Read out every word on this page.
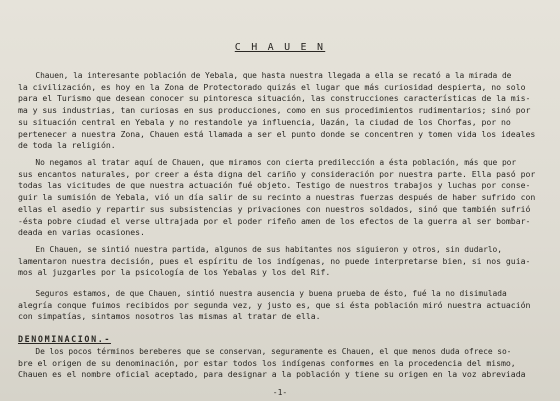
C H A U E N
Chauen, la interesante población de Yebala, que hasta nuestra llegada a ella se recató a la mirada de
la civilización, es hoy en la Zona de Protectorado quizás el lugar que más curiosidad despierta, no solo
para el Turismo que desean conocer su pintoresca situación, las construcciones características de la mis-
ma y sus industrias, tan curiosas en sus producciones, como en sus procedimientos rudimentarios; sinó por
su situación central en Yebala y no restandole ya influencia, Uazán, la ciudad de los Chorfas, por no
pertenecer a nuestra Zona, Chauen está llamada a ser el punto donde se concentren y tomen vida los ideales
de toda la religión.
No negamos al tratar aquí de Chauen, que miramos con cierta predilección a ésta población, más que por
sus encantos naturales, por creer a ésta digna del cariño y consideración por nuestra parte. Ella pasó por
todas las vicitudes de que nuestra actuación fué objeto. Testigo de nuestros trabajos y luchas por conse-
guir la sumisión de Yebala, vió un día salir de su recinto a nuestras fuerzas después de haber sufrido con
ellas el asedio y repartir sus subsistencias y privaciones con nuestros soldados, sinó que también sufrió
-ésta pobre ciudad el verse ultrajada por el poder rifeño amen de los efectos de la guerra al ser bombar-
deada en varias ocasiones.
En Chauen, se sintió nuestra partida, algunos de sus habitantes nos siguieron y otros, sin dudarlo,
lamentaron nuestra decisión, pues el espíritu de los indígenas, no puede interpretarse bien, si nos guia-
mos al juzgarles por la psicología de los Yebalas y los del Rif.
Seguros estamos, de que Chauen, sintió nuestra ausencia y buena prueba de ésto, fué la no disimulada
alegría conque fuimos recibidos por segunda vez, y justo es, que si ésta población miró nuestra actuación
con simpatías, sintamos nosotros las mismas al tratar de ella.
DENOMINACION.-
De los pocos términos bereberes que se conservan, seguramente es Chauen, el que menos duda ofrece so-
bre el origen de su denominación, por estar todos los indígenas conformes en la procedencia del mismo,
Chauen es el nombre oficial aceptado, para designar a la población y tiene su origen en la voz abreviada
-1-
